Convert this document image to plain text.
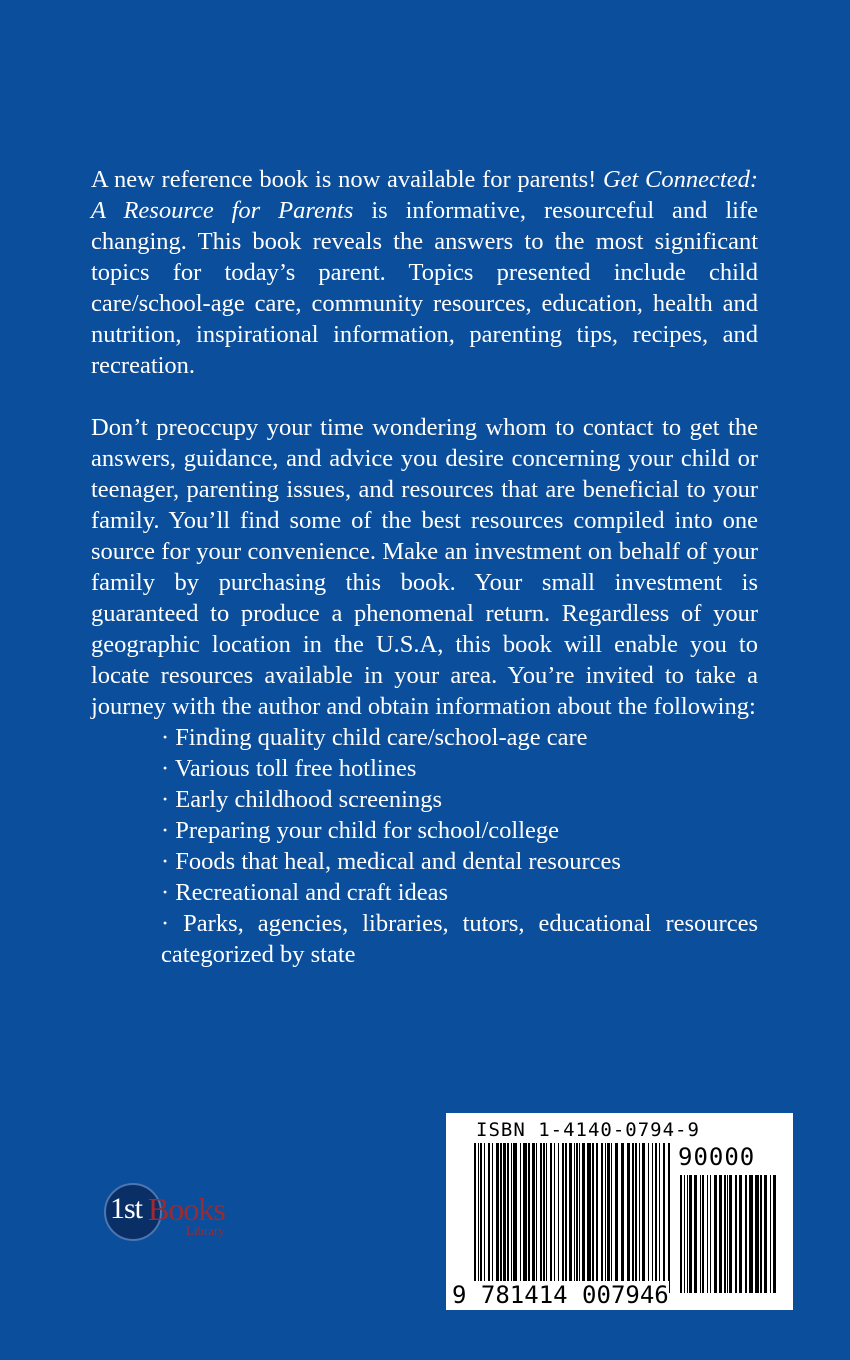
A new reference book is now available for parents! Get Connected: A Resource for Parents is informative, resourceful and life changing. This book reveals the answers to the most significant topics for today’s parent. Topics presented include child care/school-age care, community resources, education, health and nutrition, inspirational information, parenting tips, recipes, and recreation.

Don’t preoccupy your time wondering whom to contact to get the answers, guidance, and advice you desire concerning your child or teenager, parenting issues, and resources that are beneficial to your family. You’ll find some of the best resources compiled into one source for your convenience. Make an investment on behalf of your family by purchasing this book. Your small investment is guaranteed to produce a phenomenal return. Regardless of your geographic location in the U.S.A, this book will enable you to locate resources available in your area. You’re invited to take a journey with the author and obtain information about the following:

· Finding quality child care/school-age care
· Various toll free hotlines
· Early childhood screenings
· Preparing your child for school/college
· Foods that heal, medical and dental resources
· Recreational and craft ideas
· Parks, agencies, libraries, tutors, educational resources categorized by state
1st Books
Library
ISBN 1-4140-0794-9
90000
9 781414 007946
